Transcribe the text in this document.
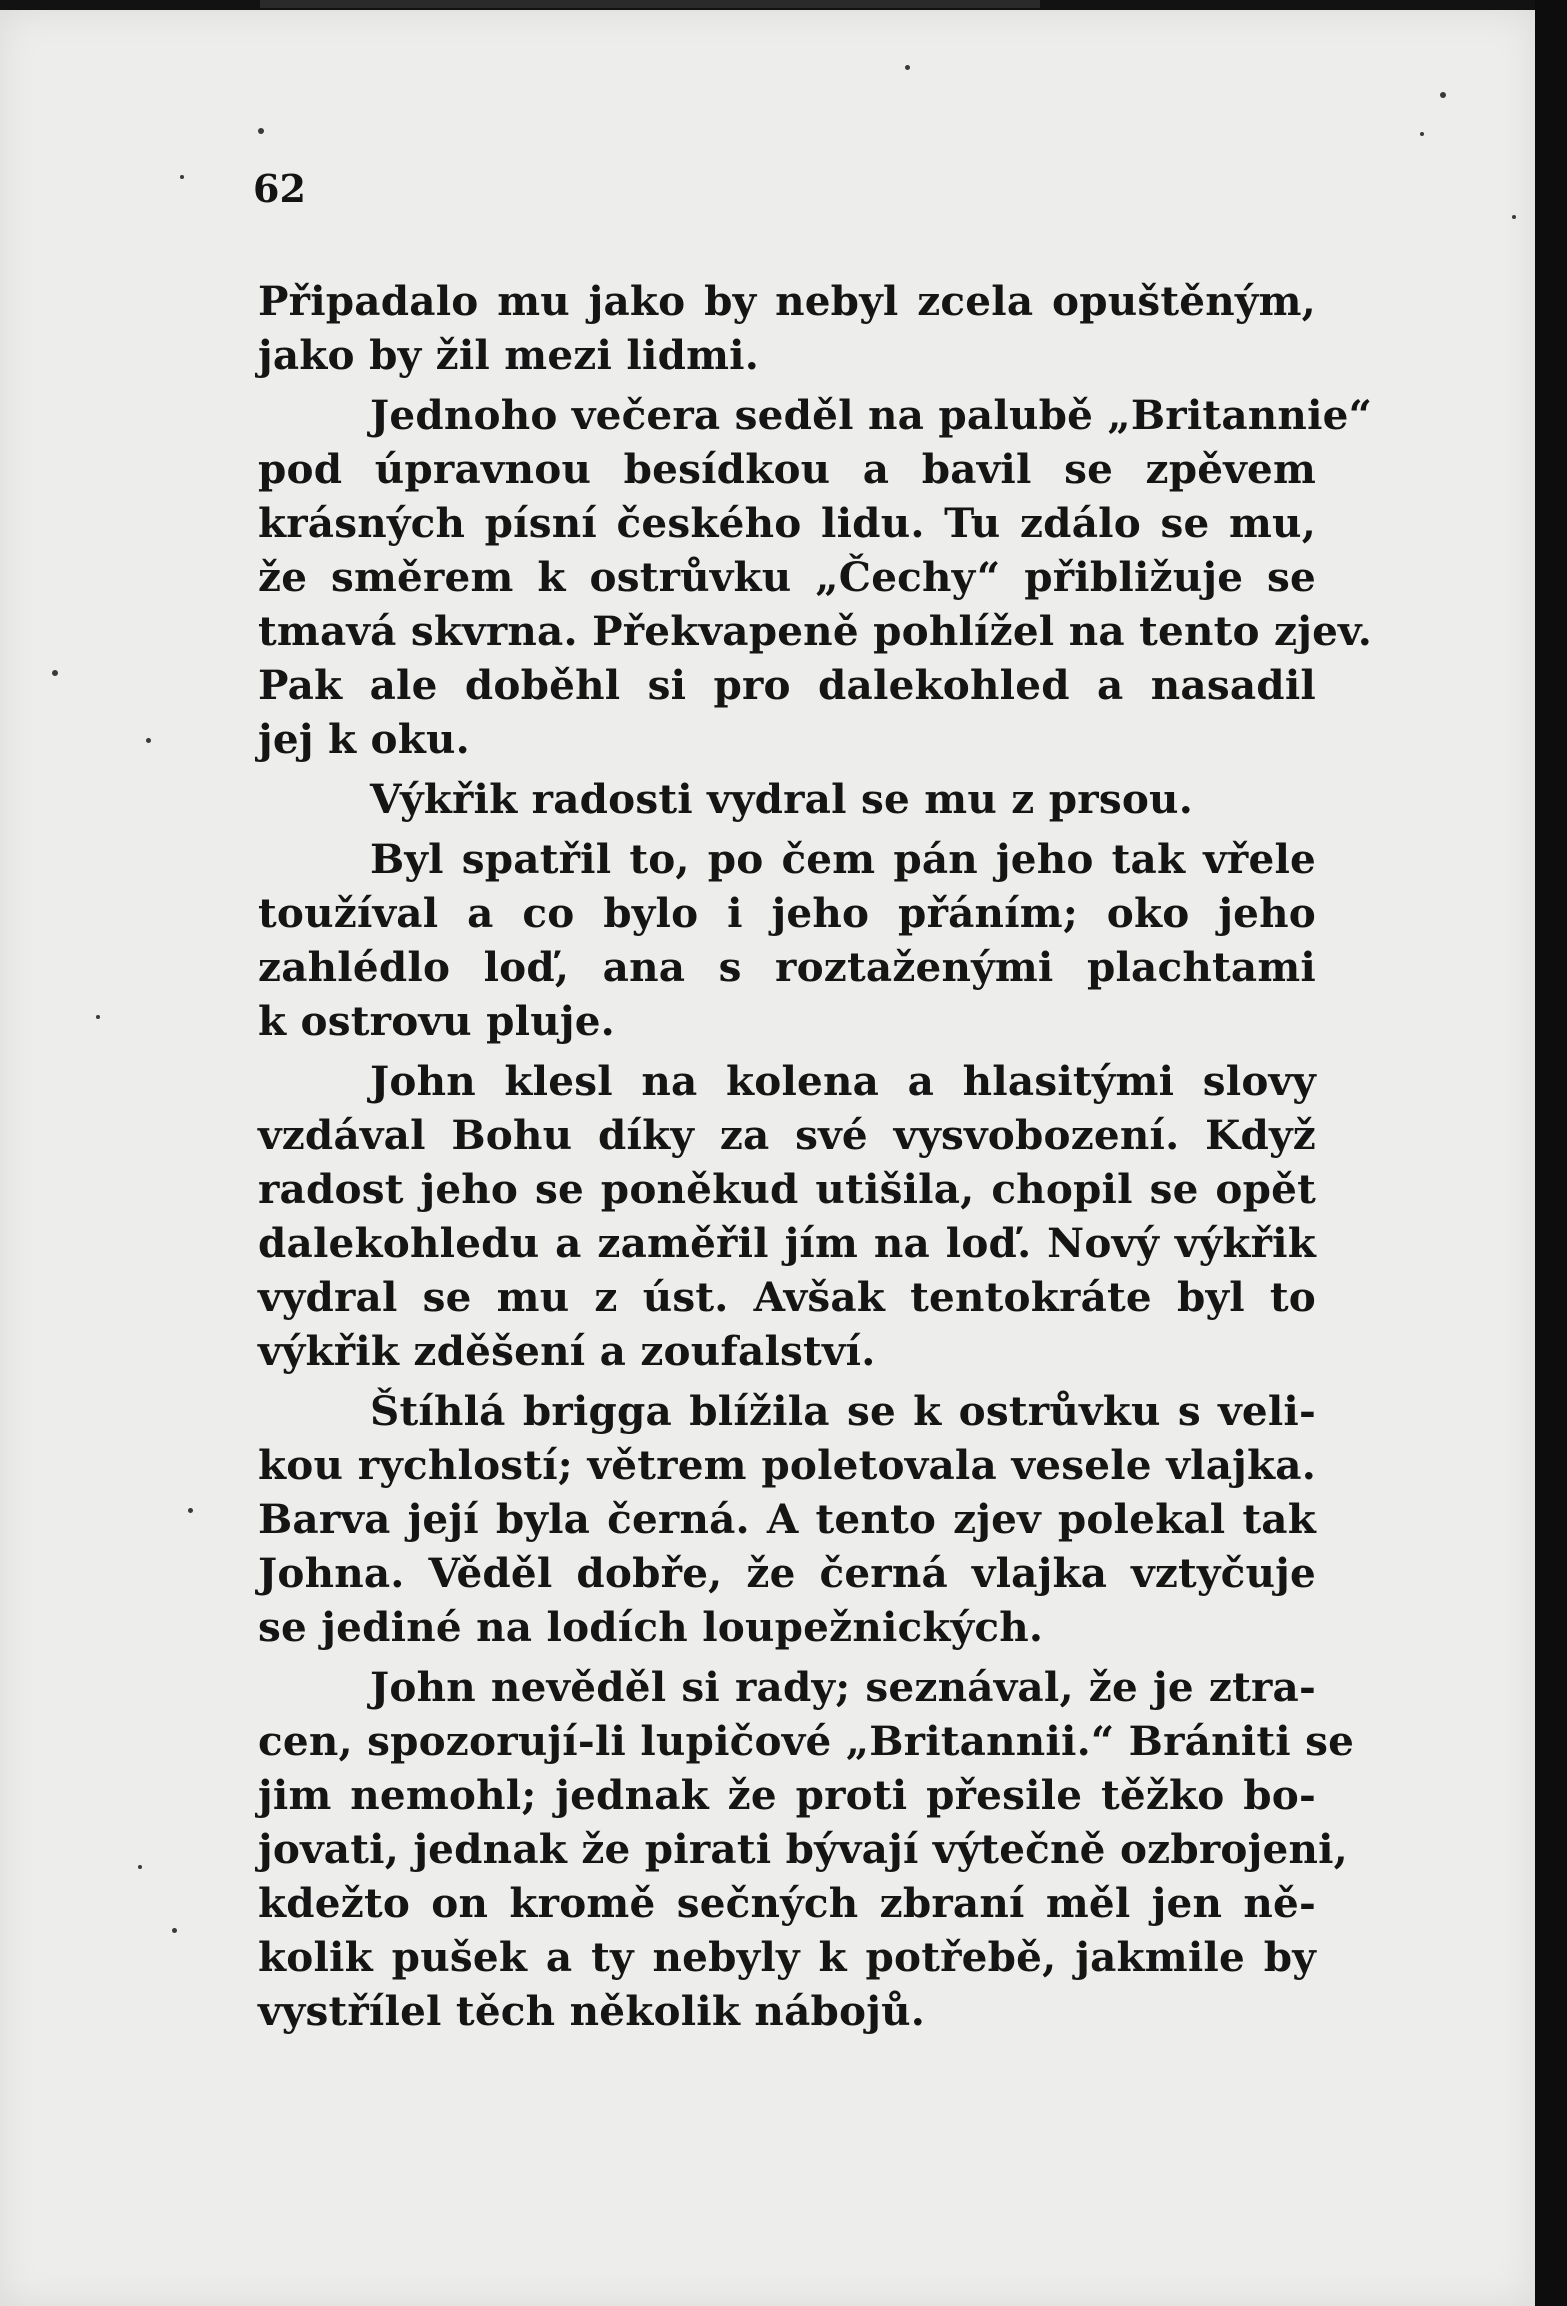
62
Připadalo mu jako by nebyl zcela opuštěným,
jako by žil mezi lidmi.
Jednoho večera seděl na palubě „Britannie“
pod úpravnou besídkou a bavil se zpěvem
krásných písní českého lidu. Tu zdálo se mu,
že směrem k ostrůvku „Čechy“ přibližuje se
tmavá skvrna. Překvapeně pohlížel na tento zjev.
Pak ale doběhl si pro dalekohled a nasadil
jej k oku.
Výkřik radosti vydral se mu z prsou.
Byl spatřil to, po čem pán jeho tak vřele
toužíval a co bylo i jeho přáním; oko jeho
zahlédlo loď, ana s roztaženými plachtami
k ostrovu pluje.
John klesl na kolena a hlasitými slovy
vzdával Bohu díky za své vysvobození. Když
radost jeho se poněkud utišila, chopil se opět
dalekohledu a zaměřil jím na loď. Nový výkřik
vydral se mu z úst. Avšak tentokráte byl to
výkřik zděšení a zoufalství.
Štíhlá brigga blížila se k ostrůvku s veli-
kou rychlostí; větrem poletovala vesele vlajka.
Barva její byla černá. A tento zjev polekal tak
Johna. Věděl dobře, že černá vlajka vztyčuje
se jediné na lodích loupežnických.
John nevěděl si rady; seznával, že je ztra-
cen, spozorují-li lupičové „Britannii.“ Brániti se
jim nemohl; jednak že proti přesile těžko bo-
jovati, jednak že pirati bývají výtečně ozbrojeni,
kdežto on kromě sečných zbraní měl jen ně-
kolik pušek a ty nebyly k potřebě, jakmile by
vystřílel těch několik nábojů.
